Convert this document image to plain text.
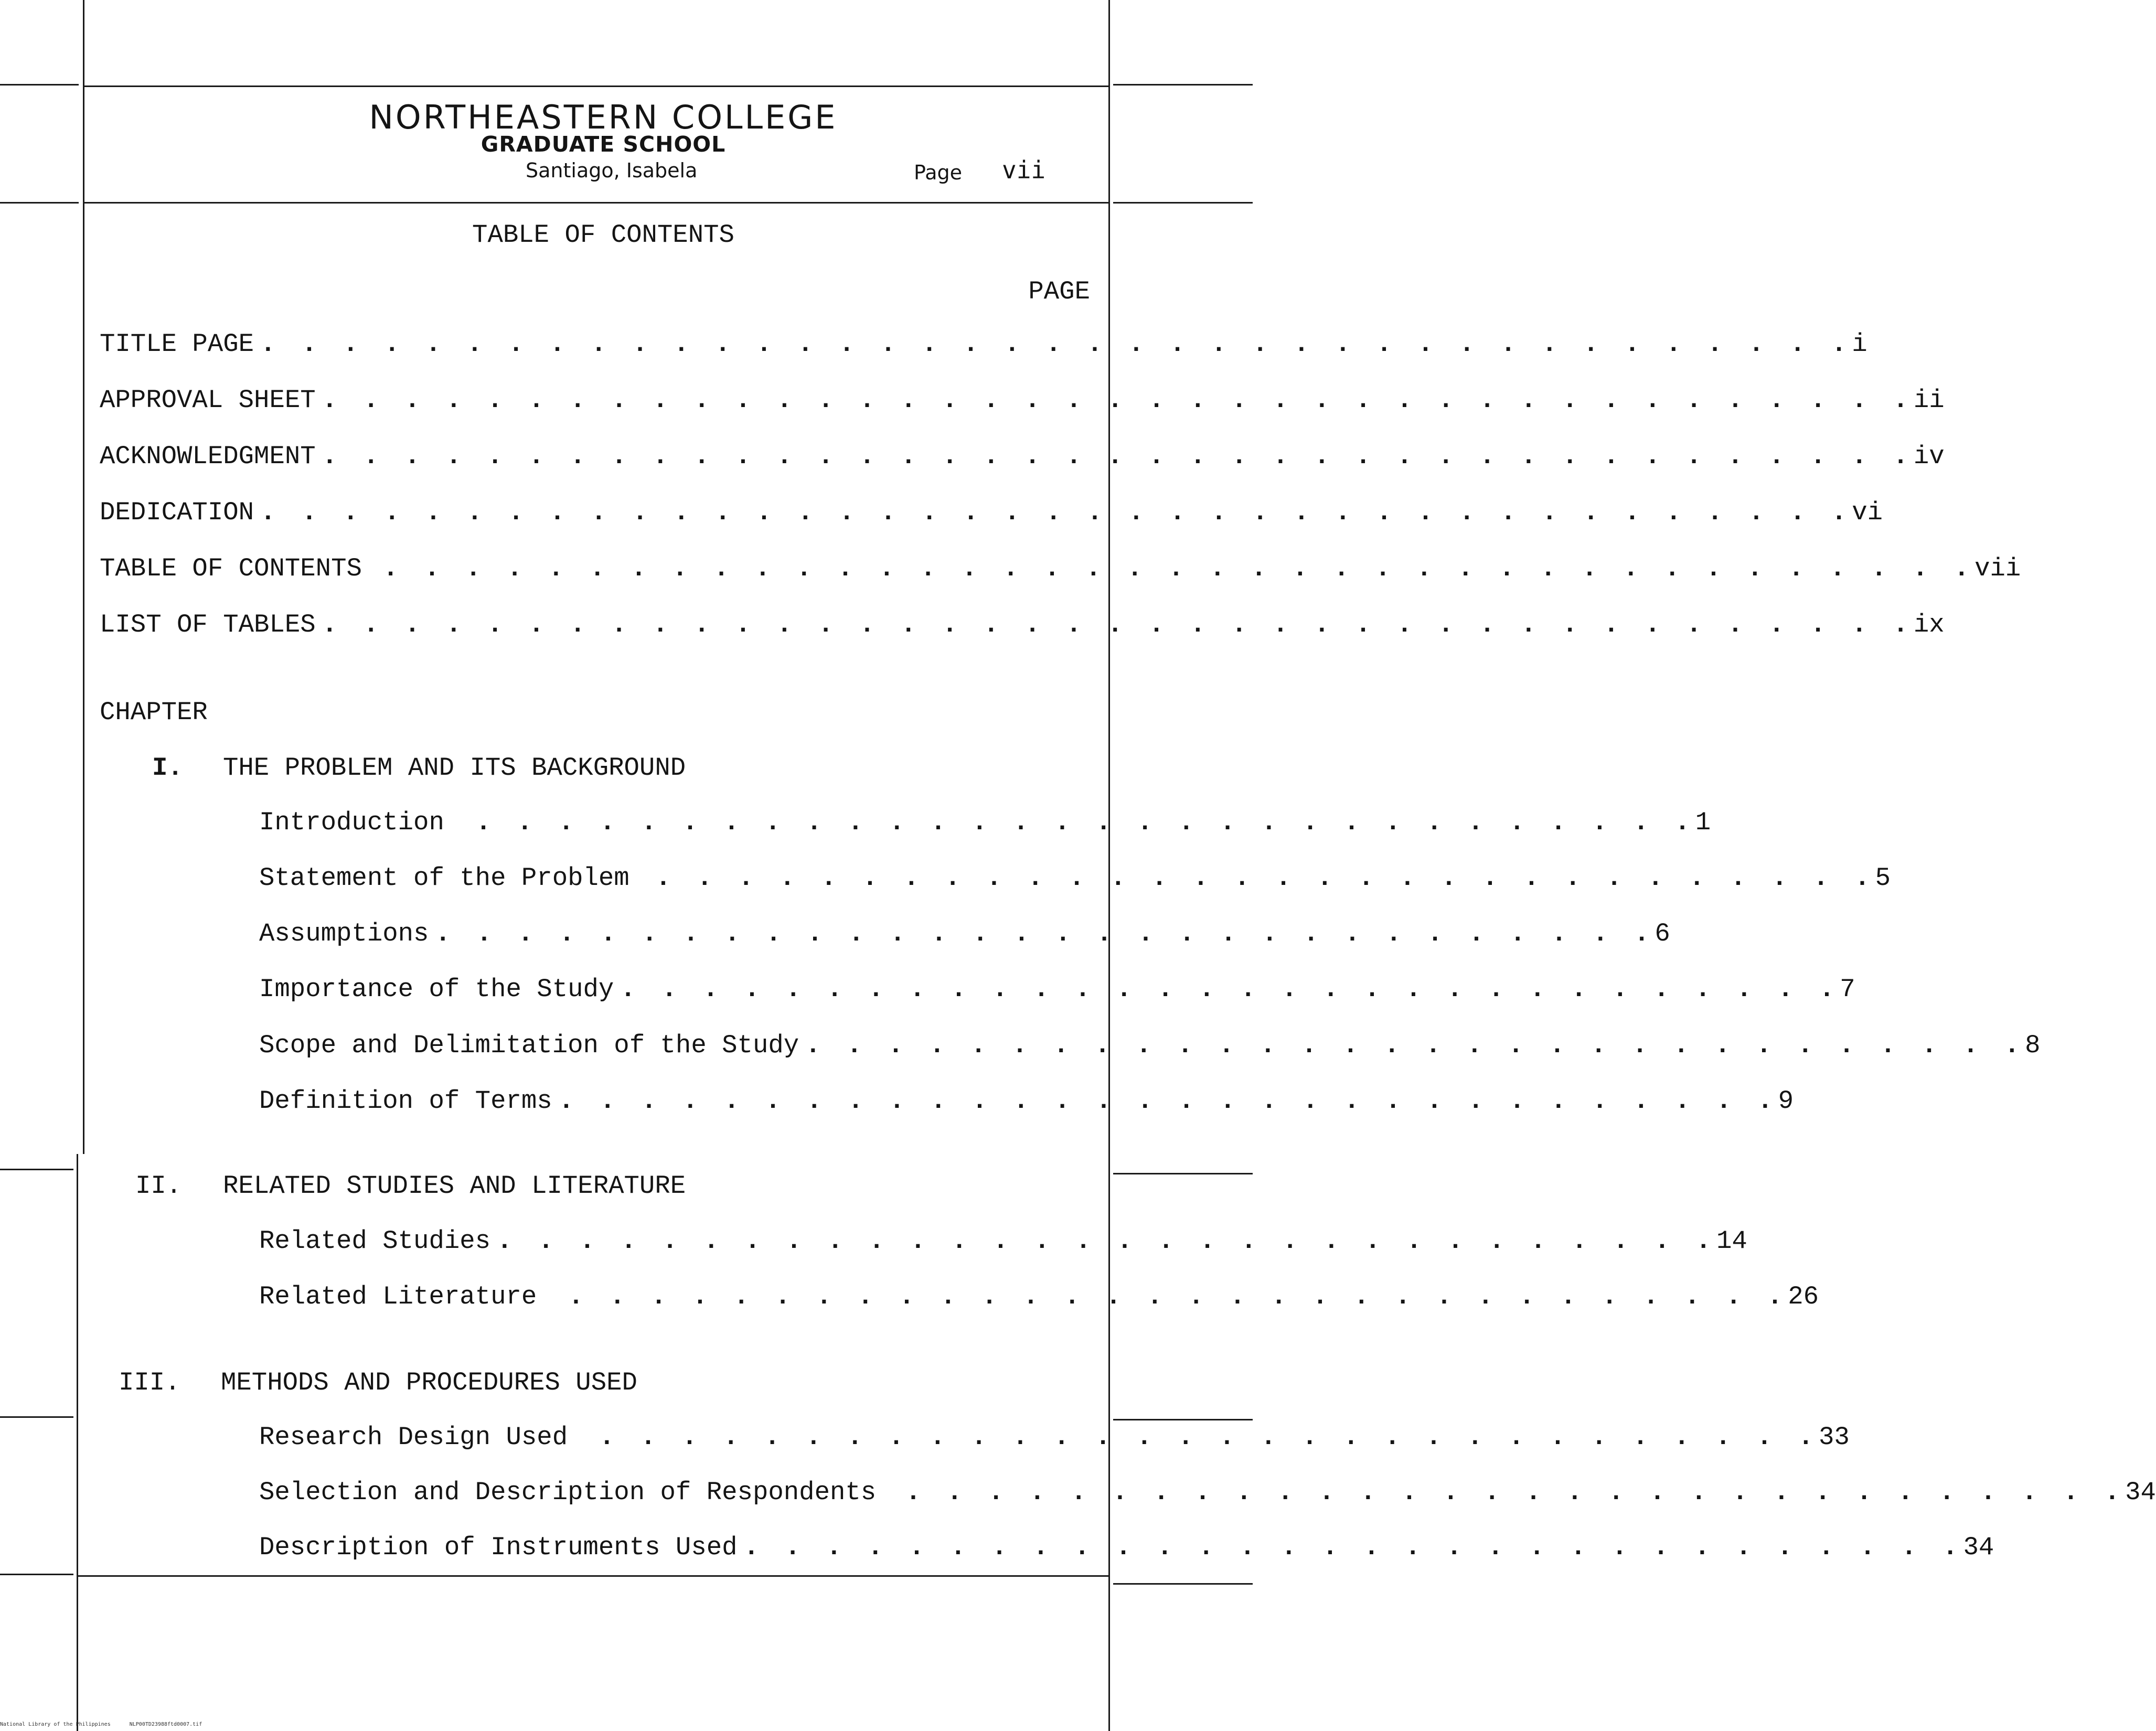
NORTHEASTERN COLLEGE
GRADUATE SCHOOL
Santiago, Isabela	Page vii
TABLE OF CONTENTS
PAGE
TITLE PAGE . . . . . . . . . . . . . . . . . . . . . . . . . . . . . . . . . . . . . . . i
APPROVAL SHEET . . . . . . . . . . . . . . . . . . . . . . . . . . . . . . . . . . . . . . . ii
ACKNOWLEDGMENT . . . . . . . . . . . . . . . . . . . . . . . . . . . . . . . . . . . . . . . iv
DEDICATION . . . . . . . . . . . . . . . . . . . . . . . . . . . . . . . . . . . . . . . vi
TABLE OF CONTENTS . . . . . . . . . . . . . . . . . . . . . . . . . . . . . . . . . . . . . . . vii
LIST OF TABLES . . . . . . . . . . . . . . . . . . . . . . . . . . . . . . . . . . . . . . . ix
CHAPTER
I. THE PROBLEM AND ITS BACKGROUND
Introduction	. . . . . . . . . . . . . . . . . . . . . . . . . . . . . . 1
Statement of the Problem	. . . . . . . . . . . . . . . . . . . . . . . . . . . . . . 5
Assumptions . . . . . . . . . . . . . . . . . . . . . . . . . . . . . . 6
Importance of the Study . . . . . . . . . . . . . . . . . . . . . . . . . . . . . . 7
Scope and Delimitation of the Study . . . . . . . . . . . . . . . . . . . . . . . . . . . . . . 8
Definition of Terms . . . . . . . . . . . . . . . . . . . . . . . . . . . . . . 9
II. RELATED STUDIES AND LITERATURE
Related Studies . . . . . . . . . . . . . . . . . . . . . . . . . . . . . . 14
Related Literature	. . . . . . . . . . . . . . . . . . . . . . . . . . . . . . 26
III. METHODS AND PROCEDURES USED
Research Design Used	. . . . . . . . . . . . . . . . . . . . . . . . . . . . . . 33
Selection and Description of Respondents	. . . . . . . . . . . . . . . . . . . . . . . . . . . . . . 34
Description of Instruments Used . . . . . . . . . . . . . . . . . . . . . . . . . . . . . . 34
National Library of the Philippines	NLP00TD23988ftd0007.tif
